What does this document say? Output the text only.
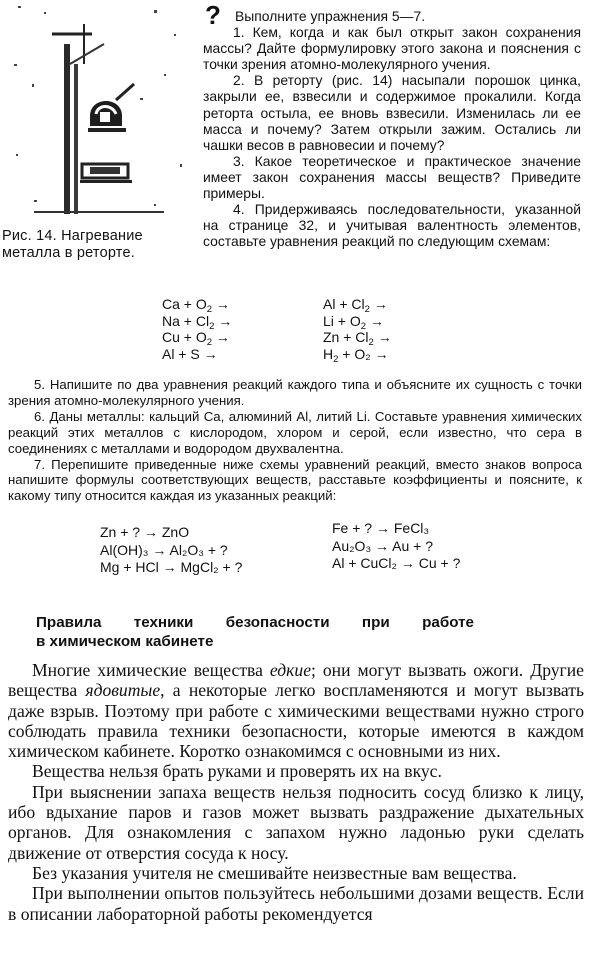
Рис. 14. Нагревание металла в реторте.
?	Выполните упражнения 5—7.

1. Кем, когда и как был открыт закон сохранения массы? Дайте формулировку этого закона и пояснения с точки зрения атомно-молекулярного учения.

2. В реторту (рис. 14) насыпали порошок цинка, закрыли ее, взвесили и содержимое прокалили. Когда реторта остыла, ее вновь взвесили. Изменилась ли ее масса и почему? Затем открыли зажим. Остались ли чашки весов в равновесии и почему?

3. Какое теоретическое и практическое значение имеет закон сохранения массы веществ? Приведите примеры.

4. Придерживаясь последовательности, указанной на странице 32, и учитывая валентность элементов, составьте уравнения реакций по следующим схемам:

$Ca + O_2$ →
$Na + Cl_2$ →
$Cu + O_2$ →
Al + S →
$Al + Cl_2$ →
$Li + O_2$ →
$Zn + Cl_2$ →
$H_2 + O_2$ →

5. Напишите по два уравнения реакций каждого типа и объясните их сущность с точки зрения атомно-молекулярного учения.

6. Даны металлы: кальций Ca, алюминий Al, литий Li. Составьте уравнения химических реакций этих металлов с кислородом, хлором и серой, если известно, что сера в соединениях с металлами и водородом двухвалентна.

7. Перепишите приведенные ниже схемы уравнений реакций, вместо знаков вопроса напишите формулы соответствующих веществ, расставьте коэффициенты и поясните, к какому типу относится каждая из указанных реакций:

Zn + ? → ZnO
Al(OH)₃ → Al₂O₃ + ?
Mg + HCl → MgCl₂ + ?
Fe + ? → FeCl₃
Au₂O₃ → Au + ?
Al + CuCl₂ → Cu + ?
Правила техники безопасности при работе
в химическом кабинете

Многие химические вещества едкие; они могут вызвать ожоги. Другие вещества ядовитые, а некоторые легко воспламеняются и могут вызвать даже взрыв. Поэтому при работе с химическими веществами нужно строго соблюдать правила техники безопасности, которые имеются в каждом химическом кабинете. Коротко ознакомимся с основными из них.

Вещества нельзя брать руками и проверять их на вкус.

При выяснении запаха веществ нельзя подносить сосуд близко к лицу, ибо вдыхание паров и газов может вызвать раздражение дыхательных органов. Для ознакомления с запахом нужно ладонью руки сделать движение от отверстия сосуда к носу.

Без указания учителя не смешивайте неизвестные вам вещества.

При выполнении опытов пользуйтесь небольшими дозами веществ. Если в описании лабораторной работы рекомендуется
